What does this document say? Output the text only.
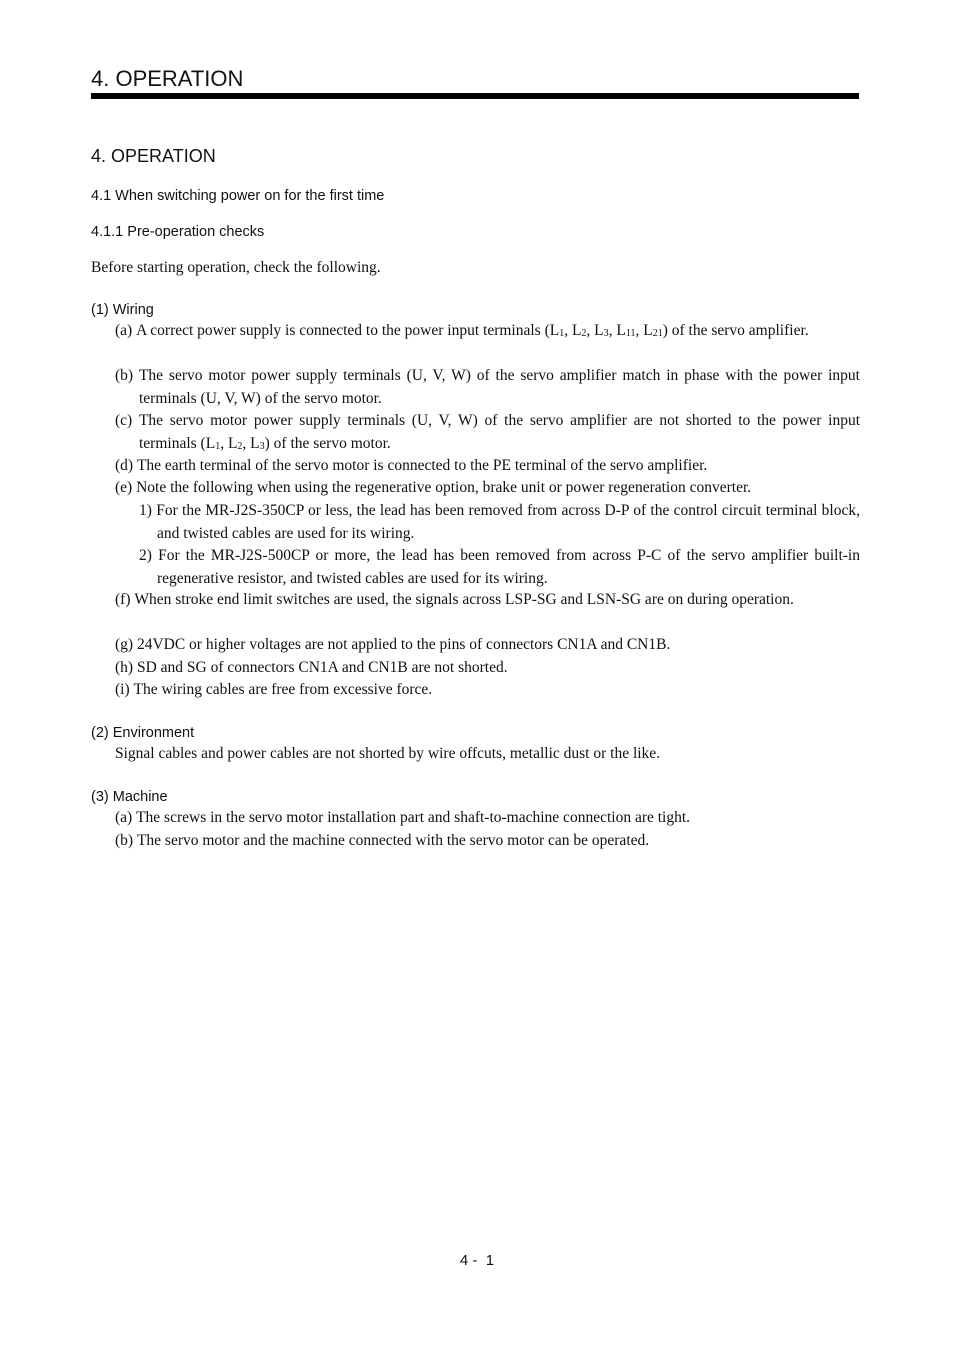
4. OPERATION
4. OPERATION
4.1 When switching power on for the first time
4.1.1 Pre-operation checks
Before starting operation, check the following.
(1) Wiring
(a) A correct power supply is connected to the power input terminals ($L_1$, $L_2$, $L_3$, $L_{11}$, $L_{21}$) of the servo amplifier.
(b) The servo motor power supply terminals (U, V, W) of the servo amplifier match in phase with the power input terminals (U, V, W) of the servo motor.
(c) The servo motor power supply terminals (U, V, W) of the servo amplifier are not shorted to the power input terminals ($L_1$, $L_2$, $L_3$) of the servo motor.
(d) The earth terminal of the servo motor is connected to the PE terminal of the servo amplifier.
(e) Note the following when using the regenerative option, brake unit or power regeneration converter.
1) For the MR-J2S-350CP or less, the lead has been removed from across D-P of the control circuit terminal block, and twisted cables are used for its wiring.
2) For the MR-J2S-500CP or more, the lead has been removed from across P-C of the servo amplifier built-in regenerative resistor, and twisted cables are used for its wiring.
(f) When stroke end limit switches are used, the signals across LSP-SG and LSN-SG are on during operation.
(g) 24VDC or higher voltages are not applied to the pins of connectors CN1A and CN1B.
(h) SD and SG of connectors CN1A and CN1B are not shorted.
(i) The wiring cables are free from excessive force.
(2) Environment
Signal cables and power cables are not shorted by wire offcuts, metallic dust or the like.
(3) Machine
(a) The screws in the servo motor installation part and shaft-to-machine connection are tight.
(b) The servo motor and the machine connected with the servo motor can be operated.
4 -  1
